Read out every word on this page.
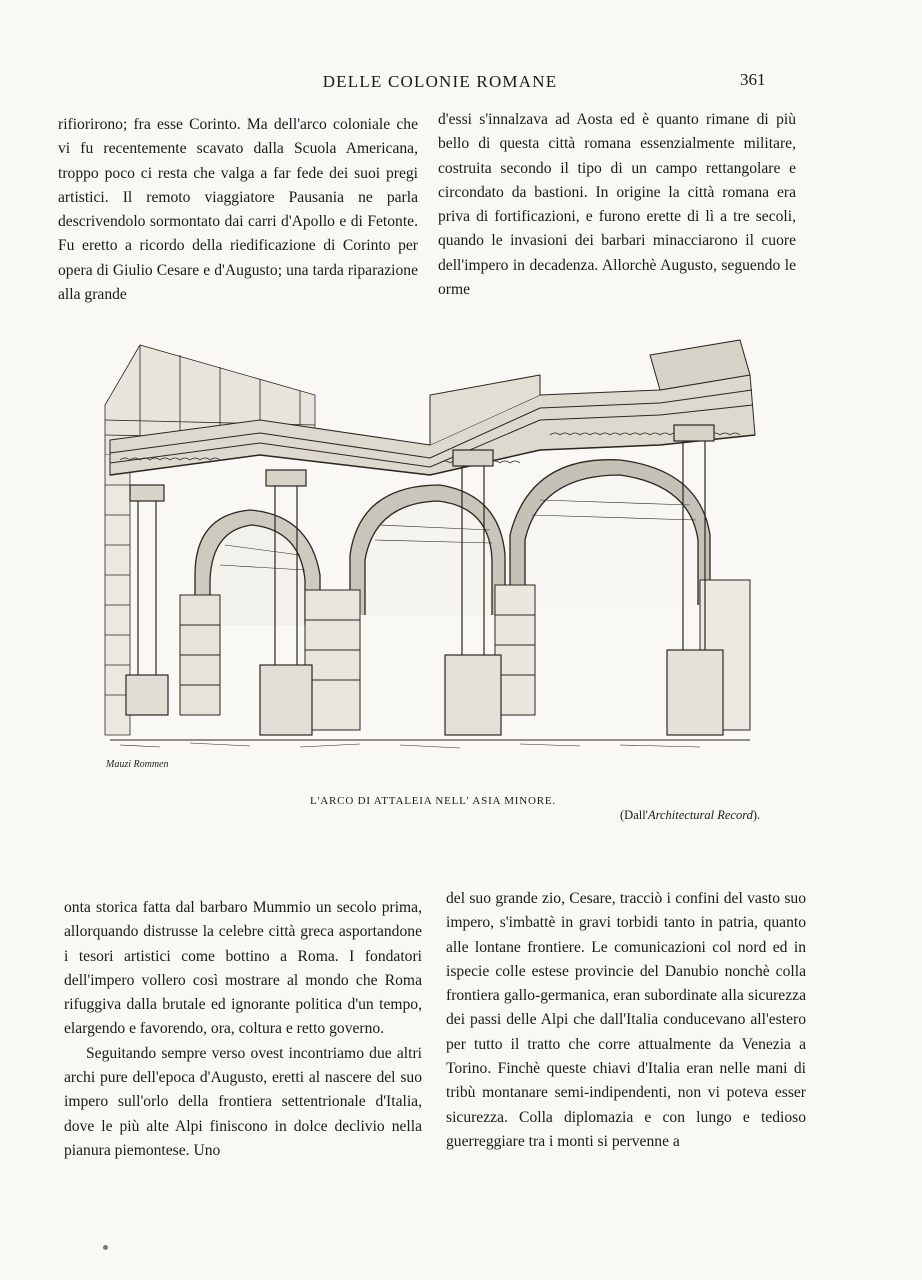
DELLE COLONIE ROMANE	361

rifiorirono; fra esse Corinto. Ma dell'arco coloniale che vi fu recentemente scavato dalla Scuola Americana, troppo poco ci resta che valga a far fede dei suoi pregi artistici. Il remoto viaggiatore Pausania ne parla descrivendolo sormontato dai carri d'Apollo e di Fetonte. Fu eretto a ricordo della riedificazione di Corinto per opera di Giulio Cesare e d'Augusto; una tarda riparazione alla grande

d'essi s'innalzava ad Aosta ed è quanto rimane di più bello di questa città romana essenzialmente militare, costruita secondo il tipo di un campo rettangolare e circondato da bastioni. In origine la città romana era priva di fortificazioni, e furono erette di lì a tre secoli, quando le invasioni dei barbari minacciarono il cuore dell'impero in decadenza. Allorchè Augusto, seguendo le orme

Mauzi Rommen
L'ARCO DI ATTALEIA NELL' ASIA MINORE.
(Dall'Architectural Record).

onta storica fatta dal barbaro Mummio un secolo prima, allorquando distrusse la celebre città greca asportandone i tesori artistici come bottino a Roma. I fondatori dell'impero vollero così mostrare al mondo che Roma rifuggiva dalla brutale ed ignorante politica d'un tempo, elargendo e favorendo, ora, coltura e retto governo.

Seguitando sempre verso ovest incontriamo due altri archi pure dell'epoca d'Augusto, eretti al nascere del suo impero sull'orlo della frontiera settentrionale d'Italia, dove le più alte Alpi finiscono in dolce declivio nella pianura piemontese. Uno

del suo grande zio, Cesare, tracciò i confini del vasto suo impero, s'imbattè in gravi torbidi tanto in patria, quanto alle lontane frontiere. Le comunicazioni col nord ed in ispecie colle estese provincie del Danubio nonchè colla frontiera gallo-germanica, eran subordinate alla sicurezza dei passi delle Alpi che dall'Italia conducevano all'estero per tutto il tratto che corre attualmente da Venezia a Torino. Finchè queste chiavi d'Italia eran nelle mani di tribù montanare semi-indipendenti, non vi poteva esser sicurezza. Colla diplomazia e con lungo e tedioso guerreggiare tra i monti si pervenne a
